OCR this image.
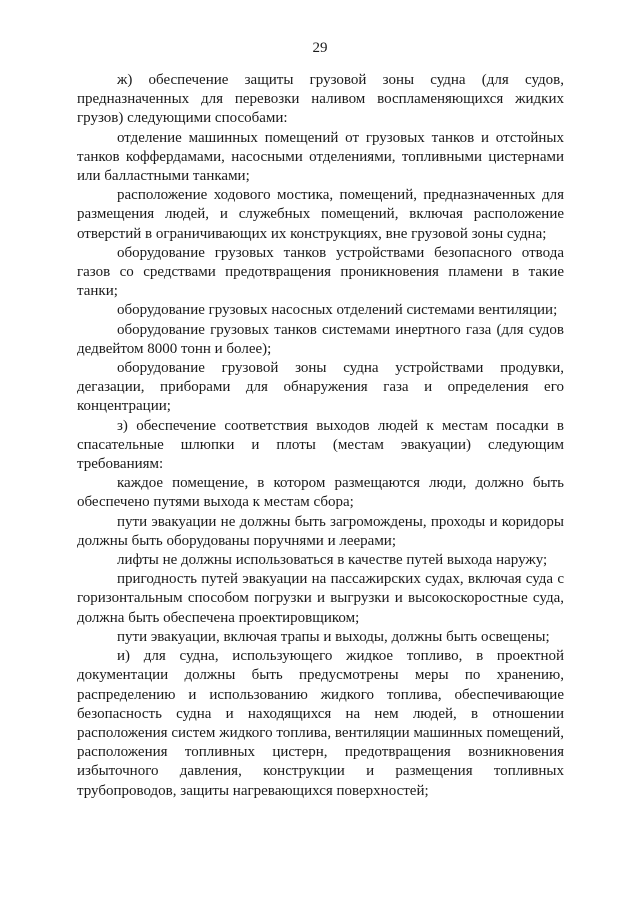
29

ж) обеспечение защиты грузовой зоны судна (для судов, предназначенных для перевозки наливом воспламеняющихся жидких грузов) следующими способами:

отделение машинных помещений от грузовых танков и отстойных танков коффердамами, насосными отделениями, топливными цистернами или балластными танками;

расположение ходового мостика, помещений, предназначенных для размещения людей, и служебных помещений, включая расположение отверстий в ограничивающих их конструкциях, вне грузовой зоны судна;

оборудование грузовых танков устройствами безопасного отвода газов со средствами предотвращения проникновения пламени в такие танки;

оборудование грузовых насосных отделений системами вентиляции;

оборудование грузовых танков системами инертного газа (для судов дедвейтом 8000 тонн и более);

оборудование грузовой зоны судна устройствами продувки, дегазации, приборами для обнаружения газа и определения его концентрации;

з) обеспечение соответствия выходов людей к местам посадки в спасательные шлюпки и плоты (местам эвакуации) следующим требованиям:

каждое помещение, в котором размещаются люди, должно быть обеспечено путями выхода к местам сбора;

пути эвакуации не должны быть загромождены, проходы и коридоры должны быть оборудованы поручнями и леерами;

лифты не должны использоваться в качестве путей выхода наружу;

пригодность путей эвакуации на пассажирских судах, включая суда с горизонтальным способом погрузки и выгрузки и высокоскоростные суда, должна быть обеспечена проектировщиком;

пути эвакуации, включая трапы и выходы, должны быть освещены;

и) для судна, использующего жидкое топливо, в проектной документации должны быть предусмотрены меры по хранению, распределению и использованию жидкого топлива, обеспечивающие безопасность судна и находящихся на нем людей, в отношении расположения систем жидкого топлива, вентиляции машинных помещений, расположения топливных цистерн, предотвращения возникновения избыточного давления, конструкции и размещения топливных трубопроводов, защиты нагревающихся поверхностей;
